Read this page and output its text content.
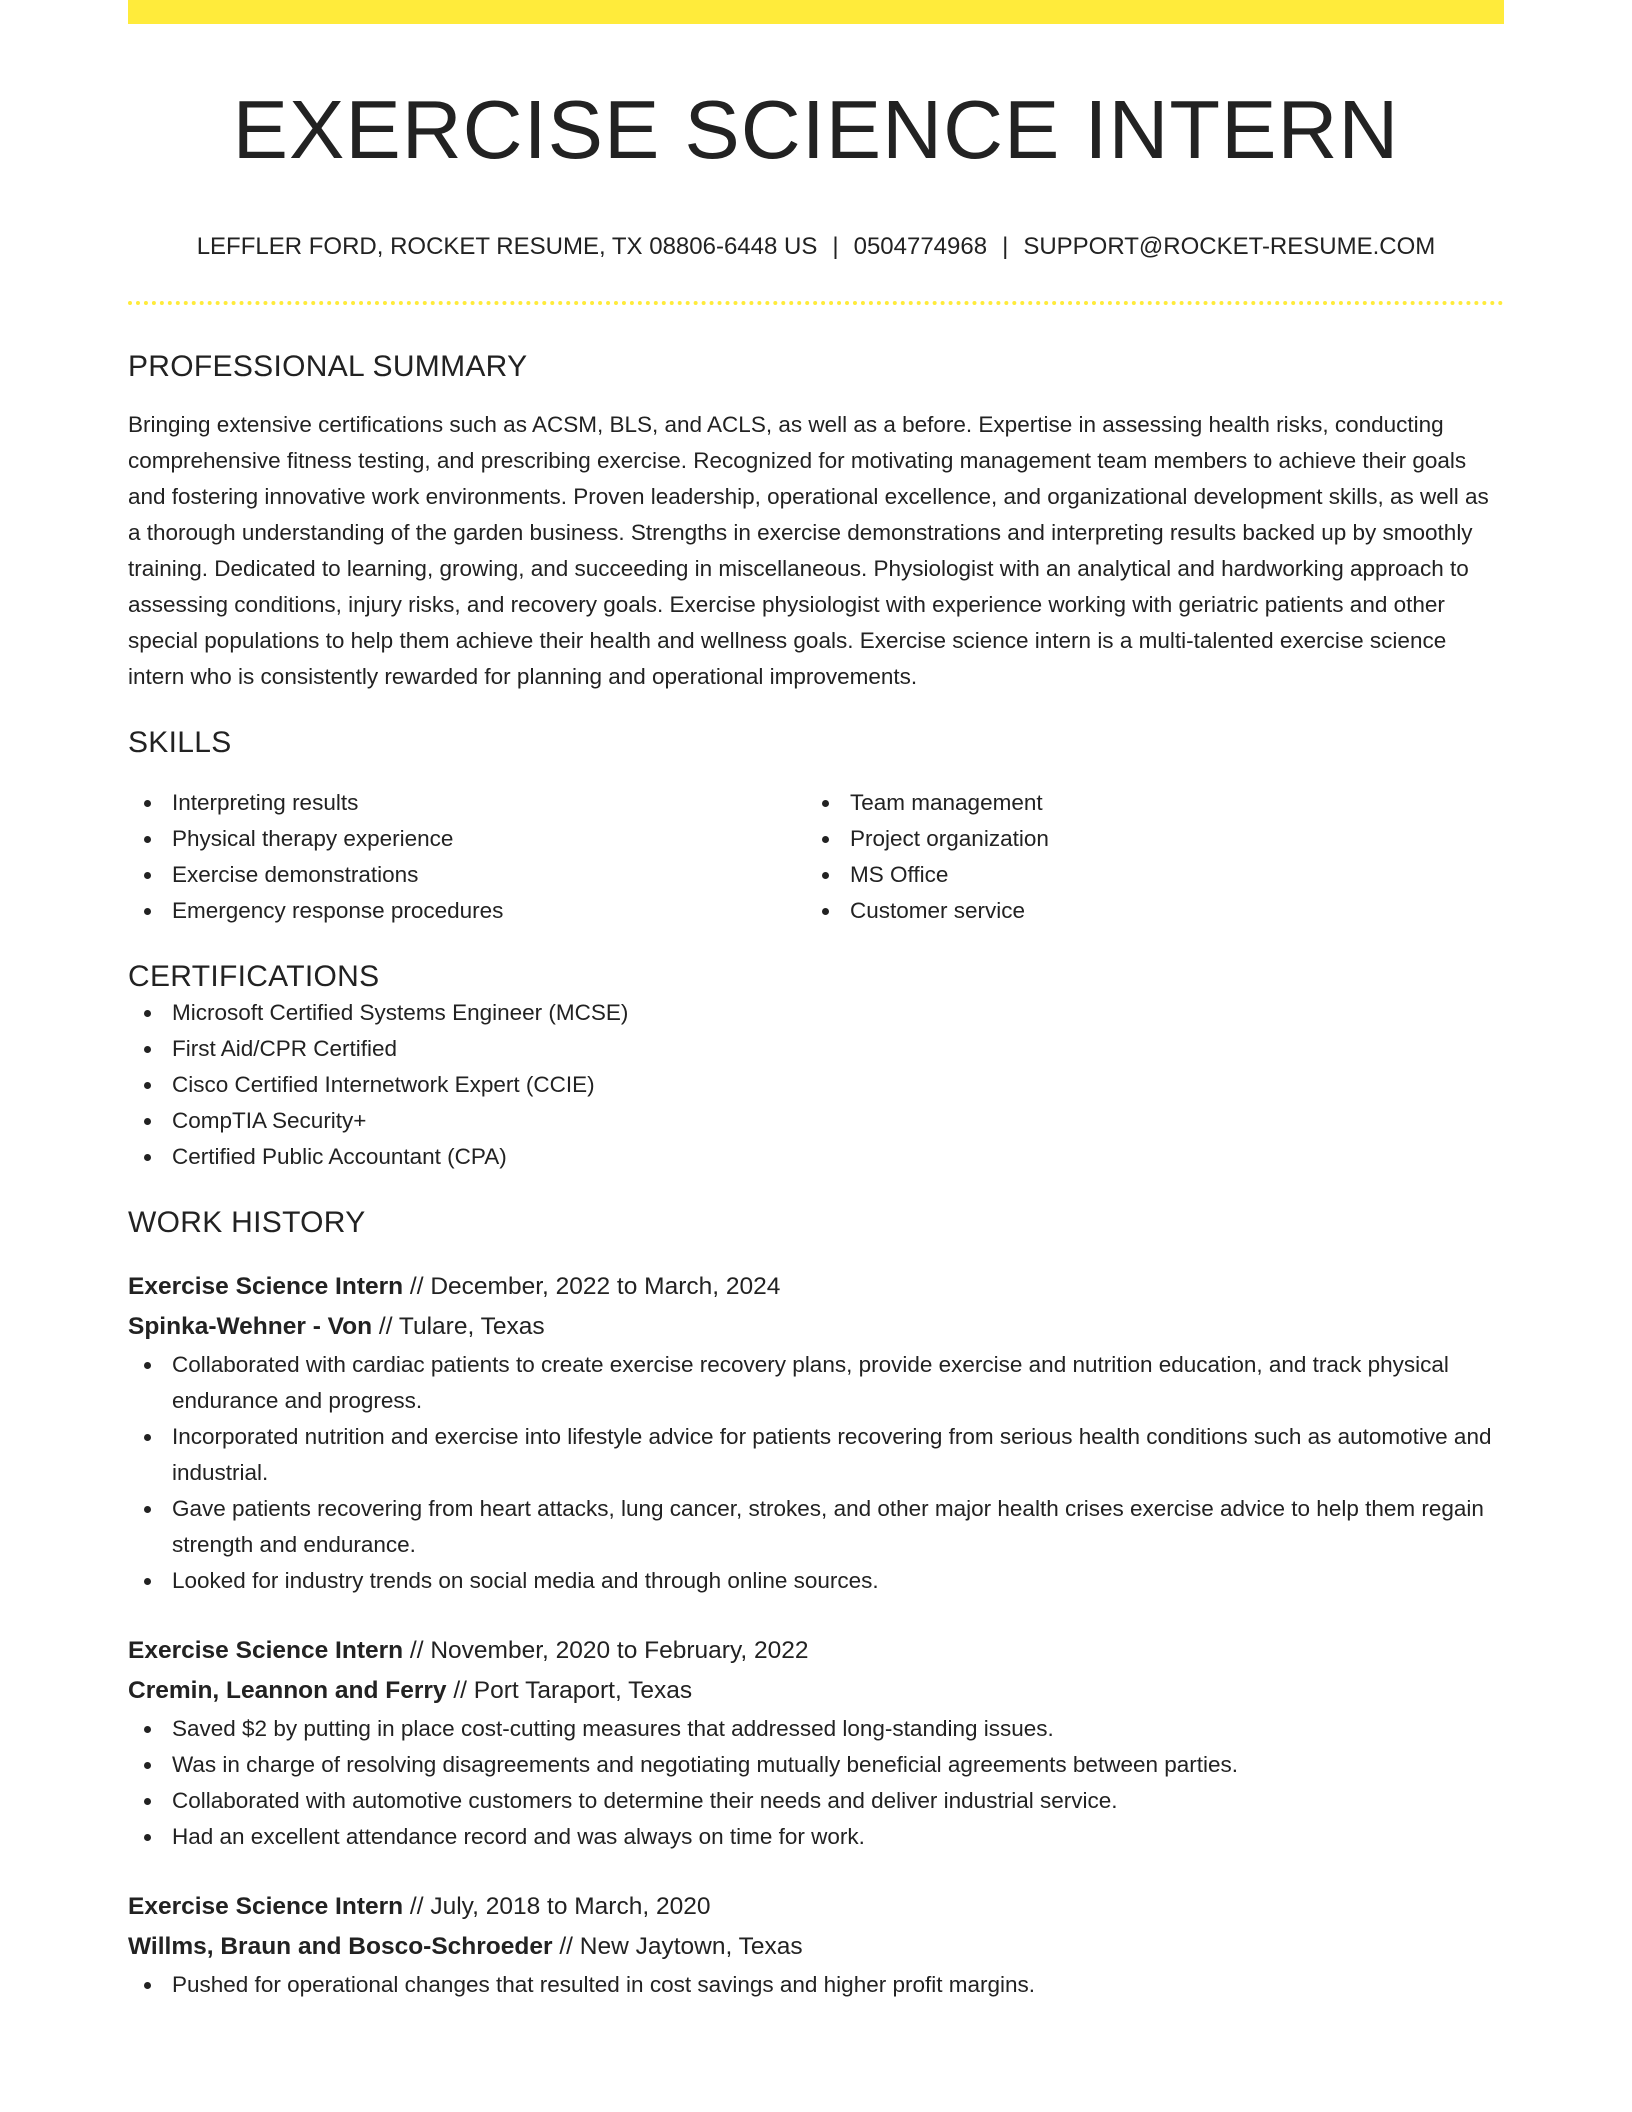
EXERCISE SCIENCE INTERN
LEFFLER FORD, ROCKET RESUME, TX 08806-6448 US | 0504774968 | SUPPORT@ROCKET-RESUME.COM
PROFESSIONAL SUMMARY
Bringing extensive certifications such as ACSM, BLS, and ACLS, as well as a before. Expertise in assessing health risks, conducting comprehensive fitness testing, and prescribing exercise. Recognized for motivating management team members to achieve their goals and fostering innovative work environments. Proven leadership, operational excellence, and organizational development skills, as well as a thorough understanding of the garden business. Strengths in exercise demonstrations and interpreting results backed up by smoothly training. Dedicated to learning, growing, and succeeding in miscellaneous. Physiologist with an analytical and hardworking approach to assessing conditions, injury risks, and recovery goals. Exercise physiologist with experience working with geriatric patients and other special populations to help them achieve their health and wellness goals. Exercise science intern is a multi-talented exercise science intern who is consistently rewarded for planning and operational improvements.
SKILLS
Interpreting results
Physical therapy experience
Exercise demonstrations
Emergency response procedures
Team management
Project organization
MS Office
Customer service
CERTIFICATIONS
Microsoft Certified Systems Engineer (MCSE)
First Aid/CPR Certified
Cisco Certified Internetwork Expert (CCIE)
CompTIA Security+
Certified Public Accountant (CPA)
WORK HISTORY
Exercise Science Intern // December, 2022 to March, 2024
Spinka-Wehner - Von // Tulare, Texas
Collaborated with cardiac patients to create exercise recovery plans, provide exercise and nutrition education, and track physical endurance and progress.
Incorporated nutrition and exercise into lifestyle advice for patients recovering from serious health conditions such as automotive and industrial.
Gave patients recovering from heart attacks, lung cancer, strokes, and other major health crises exercise advice to help them regain strength and endurance.
Looked for industry trends on social media and through online sources.
Exercise Science Intern // November, 2020 to February, 2022
Cremin, Leannon and Ferry // Port Taraport, Texas
Saved $2 by putting in place cost-cutting measures that addressed long-standing issues.
Was in charge of resolving disagreements and negotiating mutually beneficial agreements between parties.
Collaborated with automotive customers to determine their needs and deliver industrial service.
Had an excellent attendance record and was always on time for work.
Exercise Science Intern // July, 2018 to March, 2020
Willms, Braun and Bosco-Schroeder // New Jaytown, Texas
Pushed for operational changes that resulted in cost savings and higher profit margins.
